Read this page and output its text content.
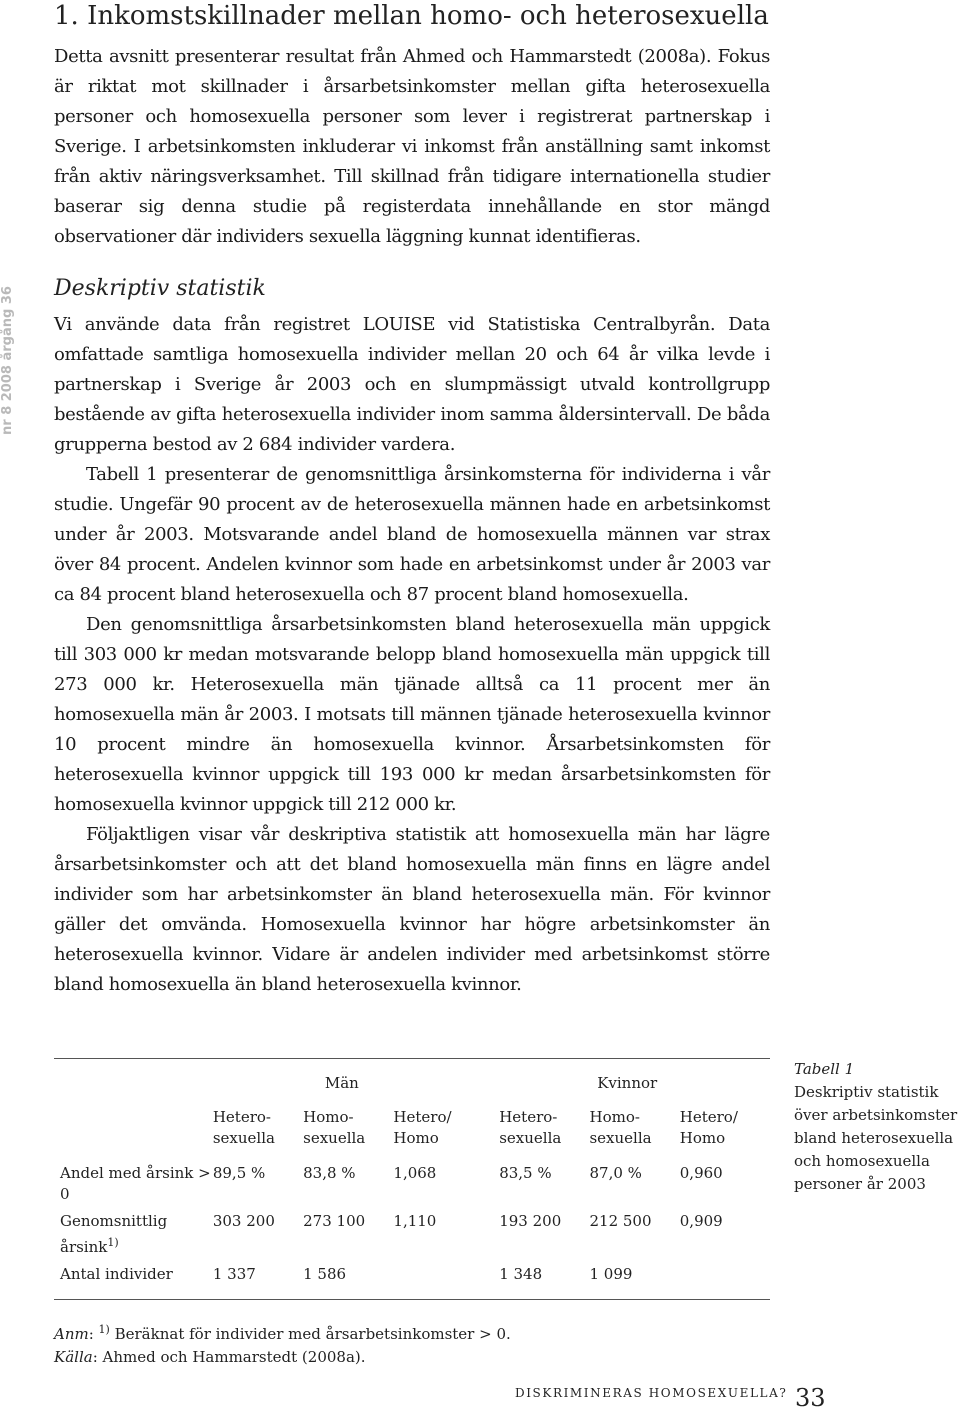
nr 8 2008 årgång 36
1. Inkomstskillnader mellan homo- och heterosexuella

Detta avsnitt presenterar resultat från Ahmed och Hammarstedt (2008a). Fokus är riktat mot skillnader i årsarbetsinkomster mellan gifta heterosexuella personer och homosexuella personer som lever i registrerat partnerskap i Sverige. I arbetsinkomsten inkluderar vi inkomst från anställning samt inkomst från aktiv näringsverksamhet. Till skillnad från tidigare internationella studier baserar sig denna studie på registerdata innehållande en stor mängd observationer där individers sexuella läggning kunnat identifieras.

Deskriptiv statistik

Vi använde data från registret LOUISE vid Statistiska Centralbyrån. Data omfattade samtliga homosexuella individer mellan 20 och 64 år vilka levde i partnerskap i Sverige år 2003 och en slumpmässigt utvald kontrollgrupp bestående av gifta heterosexuella individer inom samma åldersintervall. De båda grupperna bestod av 2 684 individer vardera.

Tabell 1 presenterar de genomsnittliga årsinkomsterna för individerna i vår studie. Ungefär 90 procent av de heterosexuella männen hade en arbetsinkomst under år 2003. Motsvarande andel bland de homosexuella männen var strax över 84 procent. Andelen kvinnor som hade en arbetsinkomst under år 2003 var ca 84 procent bland heterosexuella och 87 procent bland homosexuella.

Den genomsnittliga årsarbetsinkomsten bland heterosexuella män uppgick till 303 000 kr medan motsvarande belopp bland homosexuella män uppgick till 273 000 kr. Heterosexuella män tjänade alltså ca 11 procent mer än homosexuella män år 2003. I motsats till männen tjänade heterosexuella kvinnor 10 procent mindre än homosexuella kvinnor. Årsarbetsinkomsten för heterosexuella kvinnor uppgick till 193 000 kr medan årsarbetsinkomsten för homosexuella kvinnor uppgick till 212 000 kr.

Följaktligen visar vår deskriptiva statistik att homosexuella män har lägre årsarbetsinkomster och att det bland homosexuella män finns en lägre andel individer som har arbetsinkomster än bland heterosexuella män. För kvinnor gäller det omvända. Homosexuella kvinnor har högre arbetsinkomster än heterosexuella kvinnor. Vidare är andelen individer med arbetsinkomst större bland homosexuella än bland heterosexuella kvinnor.

	Män			Kvinnor		
	Hetero-sexuella	Homo-sexuella	Hetero/ Homo	Hetero-sexuella	Homo-sexuella	Hetero/ Homo
Andel med årsink > 0	89,5 %	83,8 %	1,068	83,5 %	87,0 %	0,960
Genomsnittlig årsink$^{1)}$	303 200	273 100	1,110	193 200	212 500	0,909
Antal individer	1 337	1 586		1 348	1 099	
Tabell 1
Deskriptiv statistik över arbetsinkomster bland heterosexuella och homosexuella personer år 2003
Anm: $^{1)}$ Beräknat för individer med årsarbetsinkomster > 0.
Källa: Ahmed och Hammarstedt (2008a).
DISKRIMINERAS HOMOSEXUELLA? 33
